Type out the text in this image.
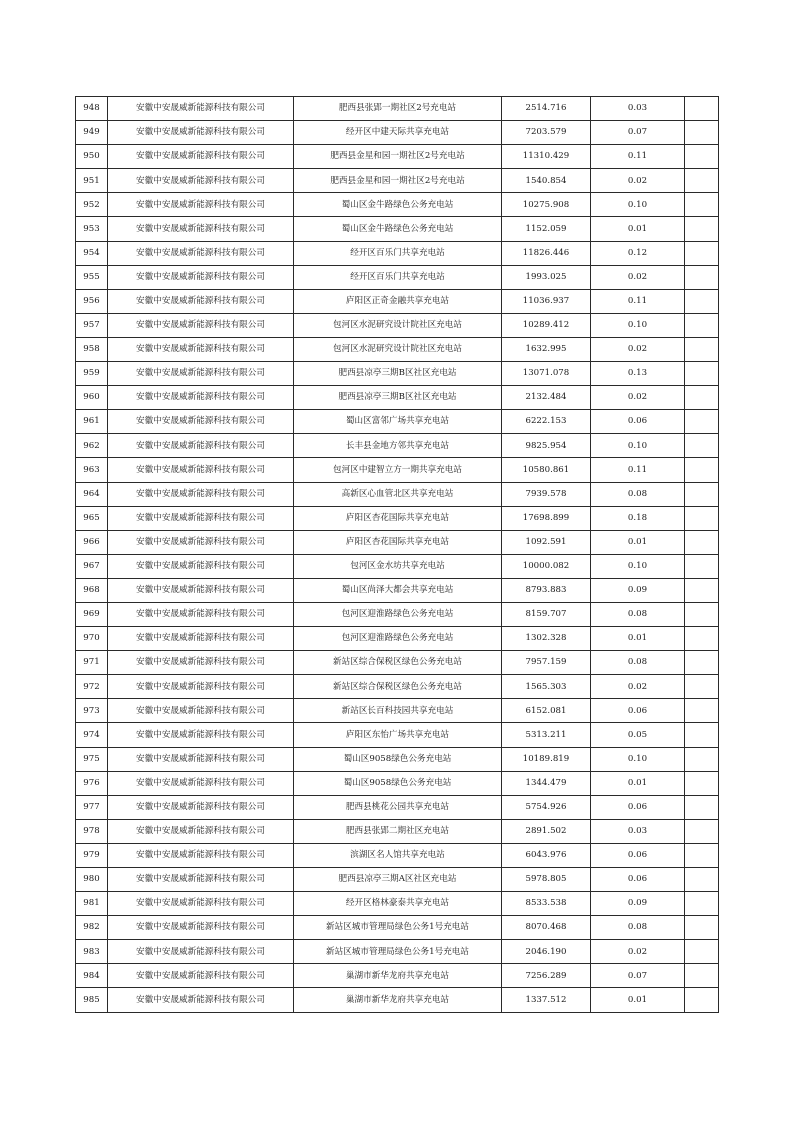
948	安徽中安晟威新能源科技有限公司	肥西县张郢一期社区2号充电站	2514.716	0.03	
949	安徽中安晟威新能源科技有限公司	经开区中建天际共享充电站	7203.579	0.07	
950	安徽中安晟威新能源科技有限公司	肥西县金星和园一期社区2号充电站	11310.429	0.11	
951	安徽中安晟威新能源科技有限公司	肥西县金星和园一期社区2号充电站	1540.854	0.02	
952	安徽中安晟威新能源科技有限公司	蜀山区金牛路绿色公务充电站	10275.908	0.10	
953	安徽中安晟威新能源科技有限公司	蜀山区金牛路绿色公务充电站	1152.059	0.01	
954	安徽中安晟威新能源科技有限公司	经开区百乐门共享充电站	11826.446	0.12	
955	安徽中安晟威新能源科技有限公司	经开区百乐门共享充电站	1993.025	0.02	
956	安徽中安晟威新能源科技有限公司	庐阳区正奇金融共享充电站	11036.937	0.11	
957	安徽中安晟威新能源科技有限公司	包河区水泥研究设计院社区充电站	10289.412	0.10	
958	安徽中安晟威新能源科技有限公司	包河区水泥研究设计院社区充电站	1632.995	0.02	
959	安徽中安晟威新能源科技有限公司	肥西县凉亭三期B区社区充电站	13071.078	0.13	
960	安徽中安晟威新能源科技有限公司	肥西县凉亭三期B区社区充电站	2132.484	0.02	
961	安徽中安晟威新能源科技有限公司	蜀山区富邻广场共享充电站	6222.153	0.06	
962	安徽中安晟威新能源科技有限公司	长丰县金地方邻共享充电站	9825.954	0.10	
963	安徽中安晟威新能源科技有限公司	包河区中建智立方一期共享充电站	10580.861	0.11	
964	安徽中安晟威新能源科技有限公司	高新区心血管北区共享充电站	7939.578	0.08	
965	安徽中安晟威新能源科技有限公司	庐阳区杏花国际共享充电站	17698.899	0.18	
966	安徽中安晟威新能源科技有限公司	庐阳区杏花国际共享充电站	1092.591	0.01	
967	安徽中安晟威新能源科技有限公司	包河区金水坊共享充电站	10000.082	0.10	
968	安徽中安晟威新能源科技有限公司	蜀山区尚泽大都会共享充电站	8793.883	0.09	
969	安徽中安晟威新能源科技有限公司	包河区迎淮路绿色公务充电站	8159.707	0.08	
970	安徽中安晟威新能源科技有限公司	包河区迎淮路绿色公务充电站	1302.328	0.01	
971	安徽中安晟威新能源科技有限公司	新站区综合保税区绿色公务充电站	7957.159	0.08	
972	安徽中安晟威新能源科技有限公司	新站区综合保税区绿色公务充电站	1565.303	0.02	
973	安徽中安晟威新能源科技有限公司	新站区长百科技园共享充电站	6152.081	0.06	
974	安徽中安晟威新能源科技有限公司	庐阳区东怡广场共享充电站	5313.211	0.05	
975	安徽中安晟威新能源科技有限公司	蜀山区9058绿色公务充电站	10189.819	0.10	
976	安徽中安晟威新能源科技有限公司	蜀山区9058绿色公务充电站	1344.479	0.01	
977	安徽中安晟威新能源科技有限公司	肥西县桃花公园共享充电站	5754.926	0.06	
978	安徽中安晟威新能源科技有限公司	肥西县张郢二期社区充电站	2891.502	0.03	
979	安徽中安晟威新能源科技有限公司	滨湖区名人馆共享充电站	6043.976	0.06	
980	安徽中安晟威新能源科技有限公司	肥西县凉亭三期A区社区充电站	5978.805	0.06	
981	安徽中安晟威新能源科技有限公司	经开区格林豪泰共享充电站	8533.538	0.09	
982	安徽中安晟威新能源科技有限公司	新站区城市管理局绿色公务1号充电站	8070.468	0.08	
983	安徽中安晟威新能源科技有限公司	新站区城市管理局绿色公务1号充电站	2046.190	0.02	
984	安徽中安晟威新能源科技有限公司	巢湖市新华龙府共享充电站	7256.289	0.07	
985	安徽中安晟威新能源科技有限公司	巢湖市新华龙府共享充电站	1337.512	0.01	
